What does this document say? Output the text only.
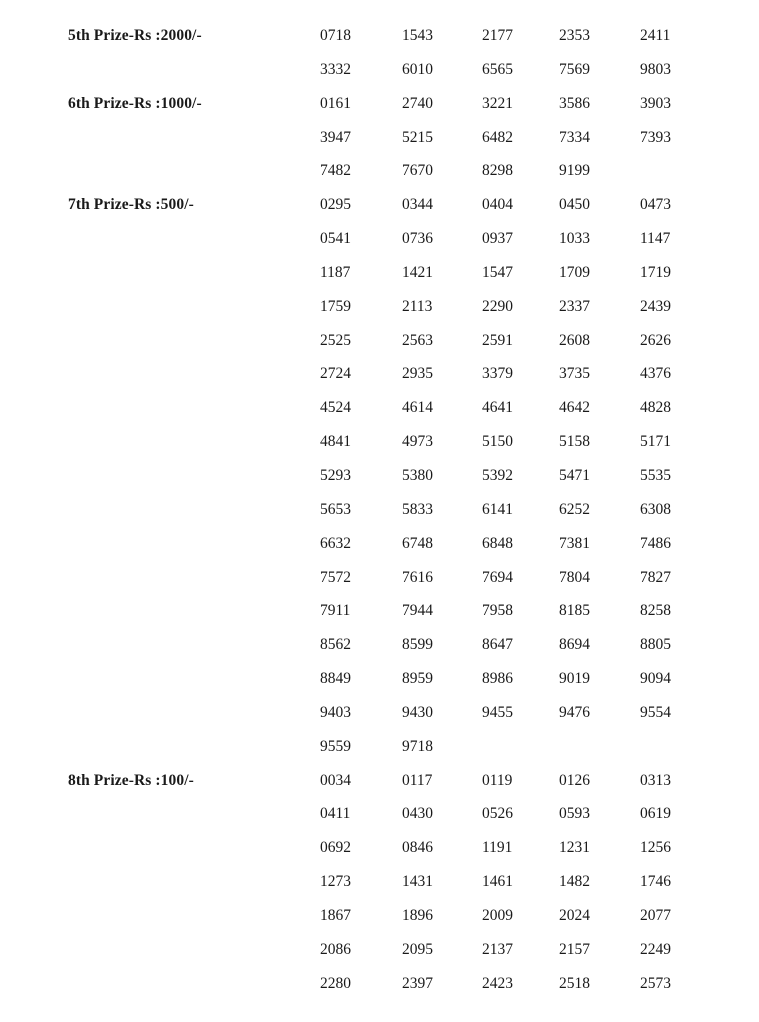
5th Prize-Rs :2000/-	0718	1543	2177	2353	2411
3332	6010	6565	7569	9803
6th Prize-Rs :1000/-	0161	2740	3221	3586	3903
3947	5215	6482	7334	7393
7482	7670	8298	9199
7th Prize-Rs :500/-	0295	0344	0404	0450	0473
0541	0736	0937	1033	1147
1187	1421	1547	1709	1719
1759	2113	2290	2337	2439
2525	2563	2591	2608	2626
2724	2935	3379	3735	4376
4524	4614	4641	4642	4828
4841	4973	5150	5158	5171
5293	5380	5392	5471	5535
5653	5833	6141	6252	6308
6632	6748	6848	7381	7486
7572	7616	7694	7804	7827
7911	7944	7958	8185	8258
8562	8599	8647	8694	8805
8849	8959	8986	9019	9094
9403	9430	9455	9476	9554
9559	9718
8th Prize-Rs :100/-	0034	0117	0119	0126	0313
0411	0430	0526	0593	0619
0692	0846	1191	1231	1256
1273	1431	1461	1482	1746
1867	1896	2009	2024	2077
2086	2095	2137	2157	2249
2280	2397	2423	2518	2573
